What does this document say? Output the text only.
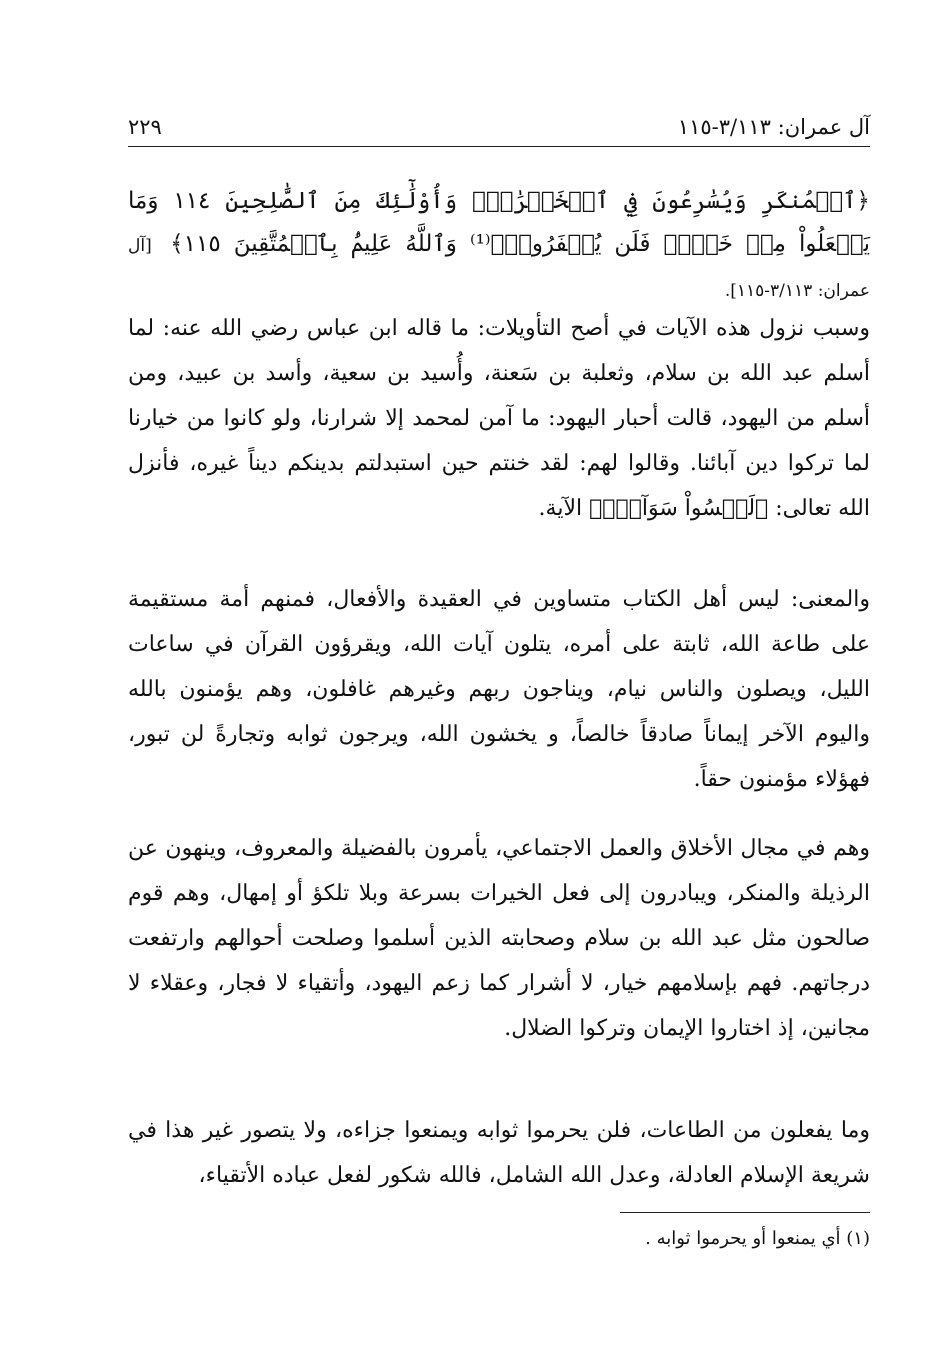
آل عمران: ٣/١١٣-١١٥
٢٢٩
﴿ٱلۡمُنكَرِ وَيُسَٰرِعُونَ فِي ٱلۡخَيۡرَٰتِۖ وَأُوْلَٰٓئِكَ مِنَ ٱلصَّٰلِحِينَ ١١٤ وَمَا يَفۡعَلُواْ مِنۡ خَيۡرٖ فَلَن يُكۡفَرُوهُۗ⁽¹⁾ وَٱللَّهُ عَلِيمُۢ بِٱلۡمُتَّقِينَ ١١٥﴾ [آل عمران: ٣/١١٣-١١٥].

وسبب نزول هذه الآيات في أصح التأويلات: ما قاله ابن عباس رضي الله عنه: لما أسلم عبد الله بن سلام، وثعلبة بن سَعنة، وأُسيد بن سعية، وأسد بن عبيد، ومن أسلم من اليهود، قالت أحبار اليهود: ما آمن لمحمد إلا شرارنا، ولو كانوا من خيارنا لما تركوا دين آبائنا. وقالوا لهم: لقد خنتم حين استبدلتم بدينكم ديناً غيره، فأنزل الله تعالى: ﴿لَيۡسُواْ سَوَآءٗۗ﴾ الآية.

والمعنى: ليس أهل الكتاب متساوين في العقيدة والأفعال، فمنهم أمة مستقيمة على طاعة الله، ثابتة على أمره، يتلون آيات الله، ويقرؤون القرآن في ساعات الليل، ويصلون والناس نيام، ويناجون ربهم وغيرهم غافلون، وهم يؤمنون بالله واليوم الآخر إيماناً صادقاً خالصاً، و يخشون الله، ويرجون ثوابه وتجارةً لن تبور، فهؤلاء مؤمنون حقاً.

وهم في مجال الأخلاق والعمل الاجتماعي، يأمرون بالفضيلة والمعروف، وينهون عن الرذيلة والمنكر، ويبادرون إلى فعل الخيرات بسرعة وبلا تلكؤ أو إمهال، وهم قوم صالحون مثل عبد الله بن سلام وصحابته الذين أسلموا وصلحت أحوالهم وارتفعت درجاتهم. فهم بإسلامهم خيار، لا أشرار كما زعم اليهود، وأتقياء لا فجار، وعقلاء لا مجانين، إذ اختاروا الإيمان وتركوا الضلال.

وما يفعلون من الطاعات، فلن يحرموا ثوابه ويمنعوا جزاءه، ولا يتصور غير هذا في شريعة الإسلام العادلة، وعدل الله الشامل، فالله شكور لفعل عباده الأتقياء،

(١) أي يمنعوا أو يحرموا ثوابه .
